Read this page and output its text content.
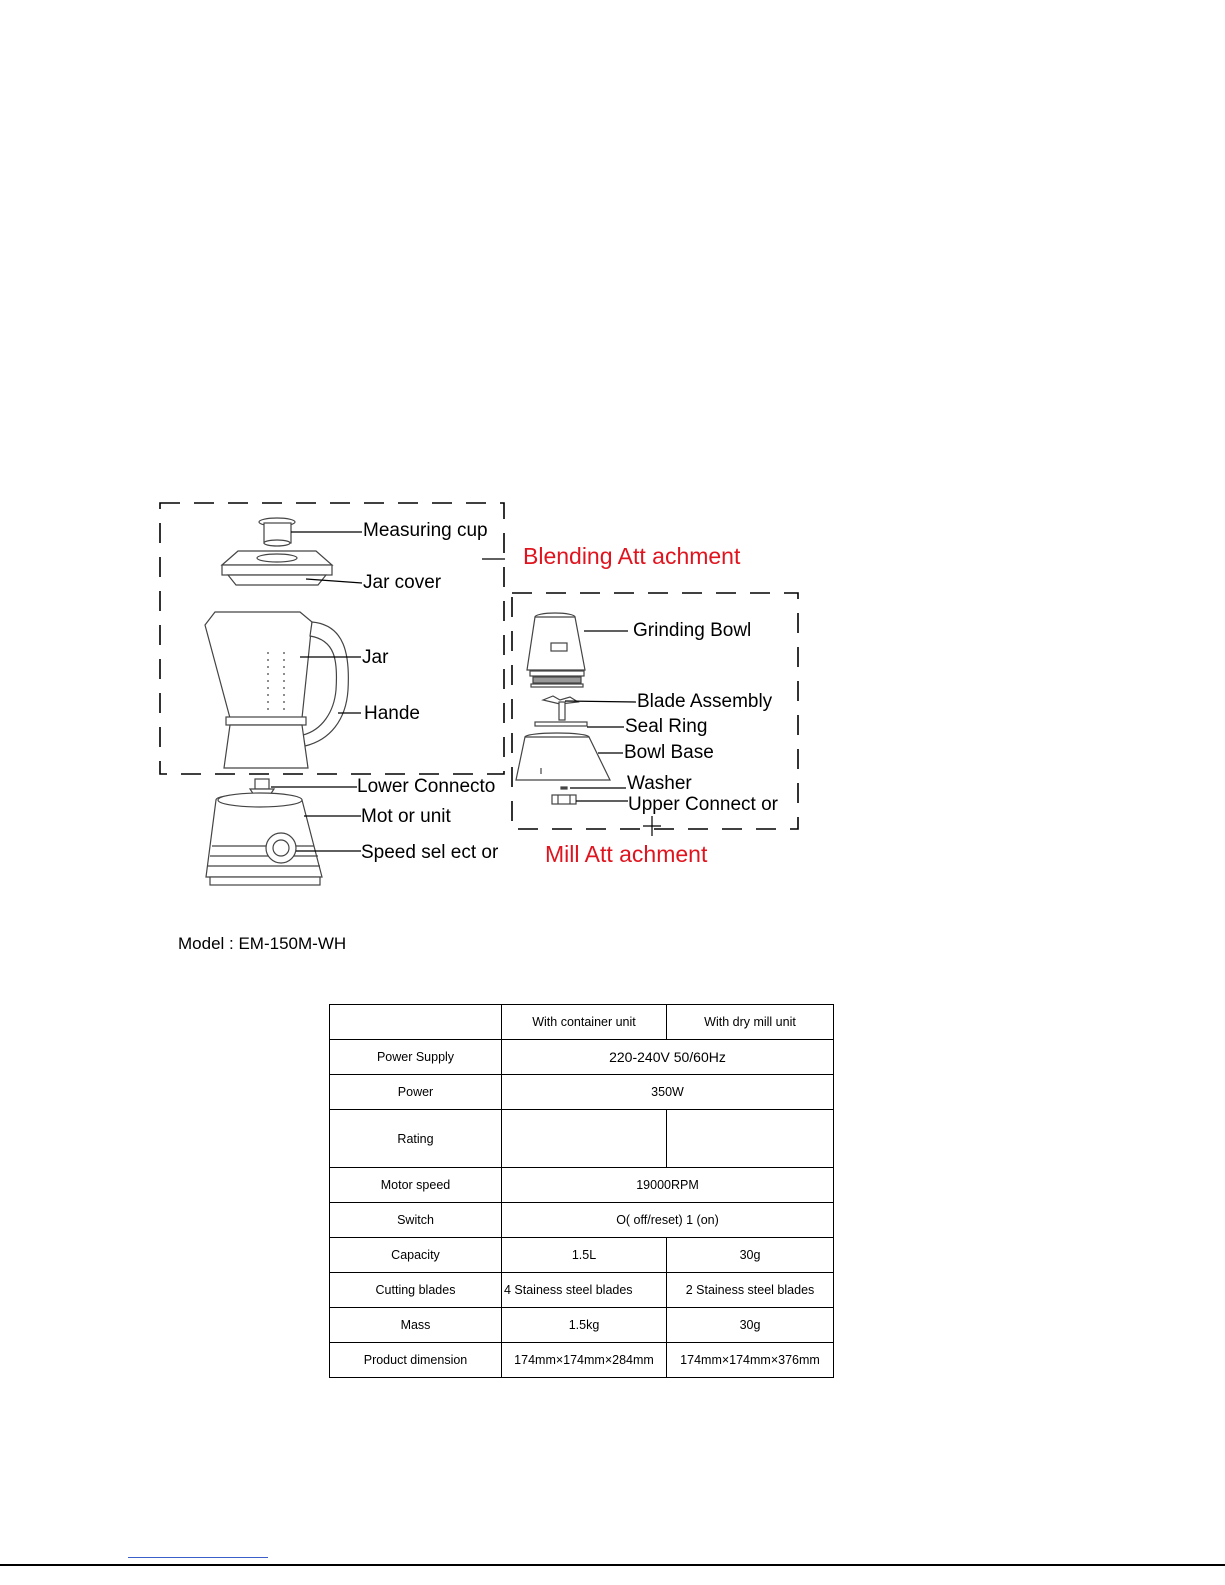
Measuring cup
Jar cover
Jar
Hande
Lower Connecto
Mot or unit
Speed sel ect or
Grinding Bowl
Blade Assembly
Seal Ring
Bowl Base
Washer
Upper Connect or
Blending Att achment
Mill Att achment
Model : EM-150M-WH
	With container unit	With dry mill unit
Power Supply	220-240V 50/60Hz	
Power	350W	
Rating		
Motor speed	19000RPM	
Switch	O( off/reset) 1 (on)	
Capacity	1.5L	30g
Cutting blades	4 Stainess steel blades	2 Stainess steel blades
Mass	1.5kg	30g
Product dimension	174mm×174mm×284mm	174mm×174mm×376mm
